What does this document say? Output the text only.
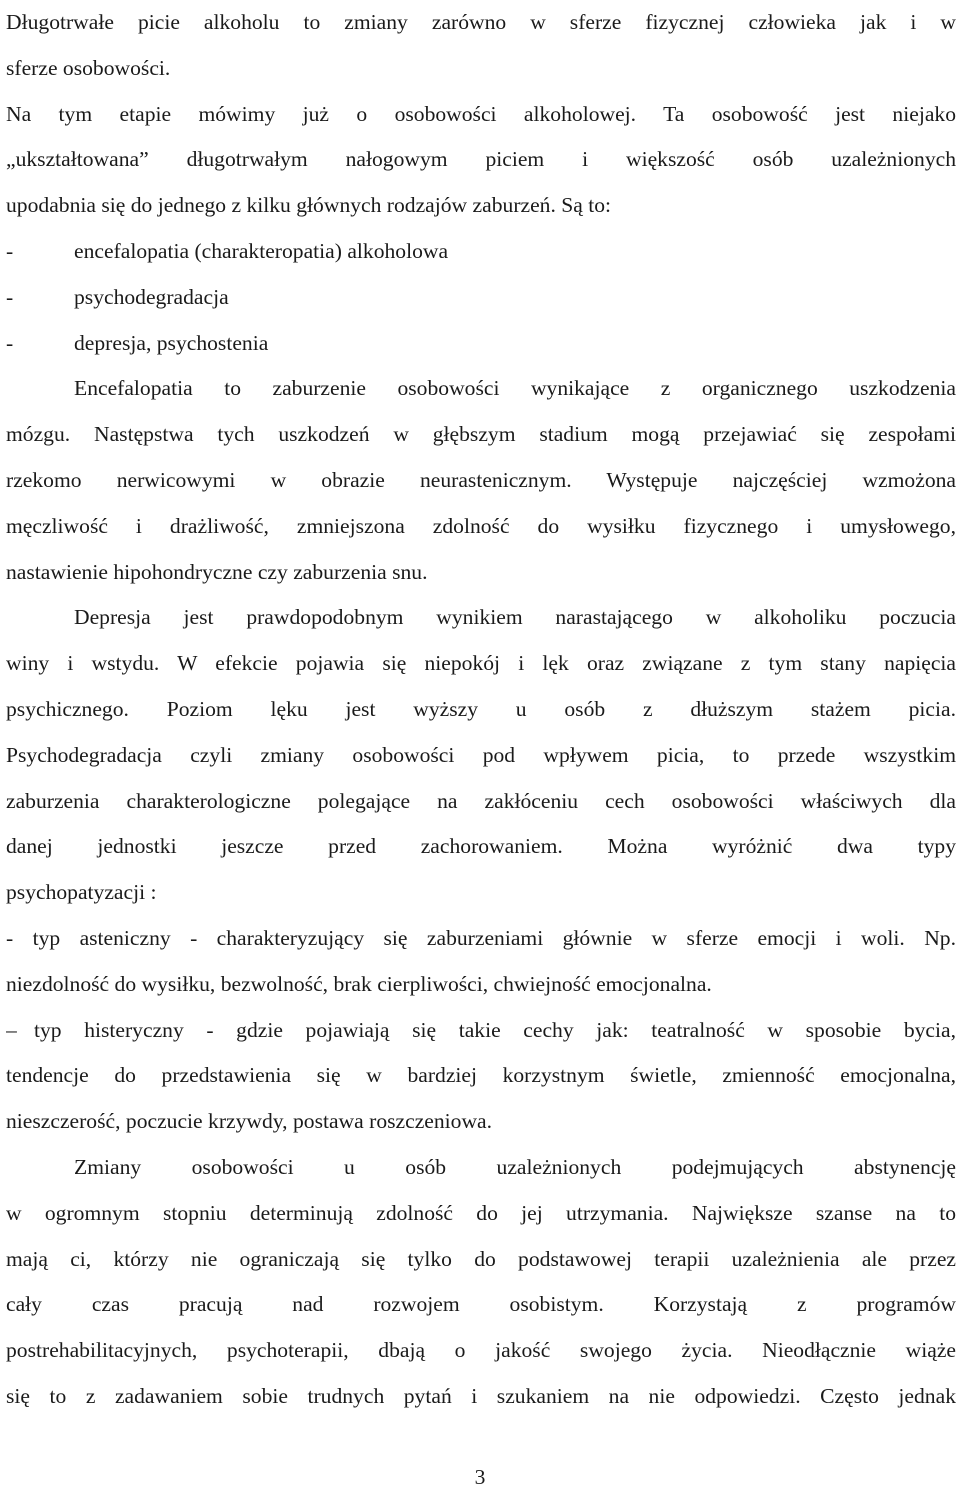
Długotrwałe picie alkoholu to zmiany zarówno w sferze fizycznej człowieka jak i w
sferze osobowości.
Na tym etapie mówimy już o osobowości alkoholowej. Ta osobowość jest niejako
„ukształtowana” długotrwałym nałogowym piciem i większość osób uzależnionych
upodabnia się do jednego z kilku głównych rodzajów zaburzeń. Są to:
-	encefalopatia (charakteropatia) alkoholowa
-	psychodegradacja
-	depresja, psychostenia
Encefalopatia to zaburzenie osobowości wynikające z organicznego uszkodzenia
mózgu. Następstwa tych uszkodzeń w głębszym stadium mogą przejawiać się zespołami
rzekomo nerwicowymi w obrazie neurastenicznym. Występuje najczęściej wzmożona
męczliwość i drażliwość, zmniejszona zdolność do wysiłku fizycznego i umysłowego,
nastawienie hipohondryczne czy zaburzenia snu.
Depresja jest prawdopodobnym wynikiem narastającego w alkoholiku poczucia
winy i wstydu. W efekcie pojawia się niepokój i lęk oraz związane z tym stany napięcia
psychicznego. Poziom lęku jest wyższy u osób z dłuższym stażem picia.
Psychodegradacja czyli zmiany osobowości pod wpływem picia, to przede wszystkim
zaburzenia charakterologiczne polegające na zakłóceniu cech osobowości właściwych dla
danej jednostki jeszcze przed zachorowaniem. Można wyróżnić dwa typy
psychopatyzacji :
- typ asteniczny - charakteryzujący się zaburzeniami głównie w sferze emocji i woli. Np.
niezdolność do wysiłku, bezwolność, brak cierpliwości, chwiejność emocjonalna.
– typ histeryczny - gdzie pojawiają się takie cechy jak: teatralność w sposobie bycia,
tendencje do przedstawienia się w bardziej korzystnym świetle, zmienność emocjonalna,
nieszczerość, poczucie krzywdy, postawa roszczeniowa.
Zmiany osobowości u osób uzależnionych podejmujących abstynencję
w ogromnym stopniu determinują zdolność do jej utrzymania. Największe szanse na to
mają ci, którzy nie ograniczają się tylko do podstawowej terapii uzależnienia ale przez
cały czas pracują nad rozwojem osobistym. Korzystają z programów
postrehabilitacyjnych, psychoterapii, dbają o jakość swojego życia. Nieodłącznie wiąże
się to z zadawaniem sobie trudnych pytań i szukaniem na nie odpowiedzi. Często jednak
3
